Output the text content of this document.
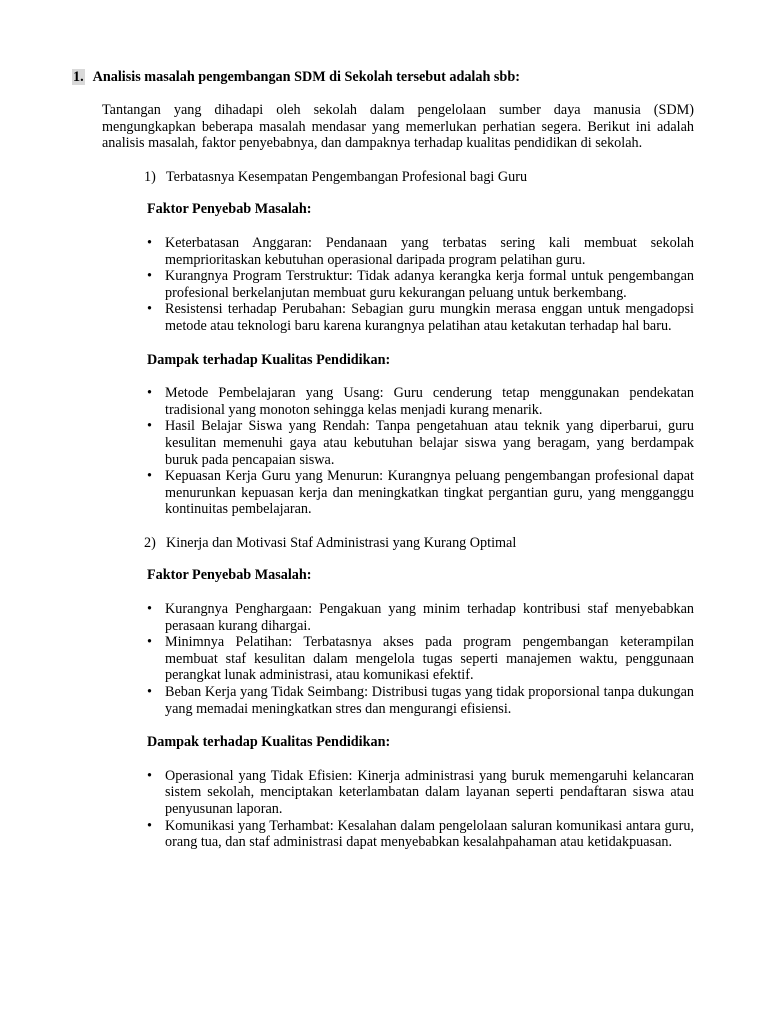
1. Analisis masalah pengembangan SDM di Sekolah tersebut adalah sbb:

Tantangan yang dihadapi oleh sekolah dalam pengelolaan sumber daya manusia (SDM) mengungkapkan beberapa masalah mendasar yang memerlukan perhatian segera. Berikut ini adalah analisis masalah, faktor penyebabnya, dan dampaknya terhadap kualitas pendidikan di sekolah.

1) Terbatasnya Kesempatan Pengembangan Profesional bagi Guru
Faktor Penyebab Masalah:
• Keterbatasan Anggaran: Pendanaan yang terbatas sering kali membuat sekolah memprioritaskan kebutuhan operasional daripada program pelatihan guru.
• Kurangnya Program Terstruktur: Tidak adanya kerangka kerja formal untuk pengembangan profesional berkelanjutan membuat guru kekurangan peluang untuk berkembang.
• Resistensi terhadap Perubahan: Sebagian guru mungkin merasa enggan untuk mengadopsi metode atau teknologi baru karena kurangnya pelatihan atau ketakutan terhadap hal baru.
Dampak terhadap Kualitas Pendidikan:
• Metode Pembelajaran yang Usang: Guru cenderung tetap menggunakan pendekatan tradisional yang monoton sehingga kelas menjadi kurang menarik.
• Hasil Belajar Siswa yang Rendah: Tanpa pengetahuan atau teknik yang diperbarui, guru kesulitan memenuhi gaya atau kebutuhan belajar siswa yang beragam, yang berdampak buruk pada pencapaian siswa.
• Kepuasan Kerja Guru yang Menurun: Kurangnya peluang pengembangan profesional dapat menurunkan kepuasan kerja dan meningkatkan tingkat pergantian guru, yang mengganggu kontinuitas pembelajaran.
2) Kinerja dan Motivasi Staf Administrasi yang Kurang Optimal
Faktor Penyebab Masalah:
• Kurangnya Penghargaan: Pengakuan yang minim terhadap kontribusi staf menyebabkan perasaan kurang dihargai.
• Minimnya Pelatihan: Terbatasnya akses pada program pengembangan keterampilan membuat staf kesulitan dalam mengelola tugas seperti manajemen waktu, penggunaan perangkat lunak administrasi, atau komunikasi efektif.
• Beban Kerja yang Tidak Seimbang: Distribusi tugas yang tidak proporsional tanpa dukungan yang memadai meningkatkan stres dan mengurangi efisiensi.
Dampak terhadap Kualitas Pendidikan:
• Operasional yang Tidak Efisien: Kinerja administrasi yang buruk memengaruhi kelancaran sistem sekolah, menciptakan keterlambatan dalam layanan seperti pendaftaran siswa atau penyusunan laporan.
• Komunikasi yang Terhambat: Kesalahan dalam pengelolaan saluran komunikasi antara guru, orang tua, dan staf administrasi dapat menyebabkan kesalahpahaman atau ketidakpuasan.
